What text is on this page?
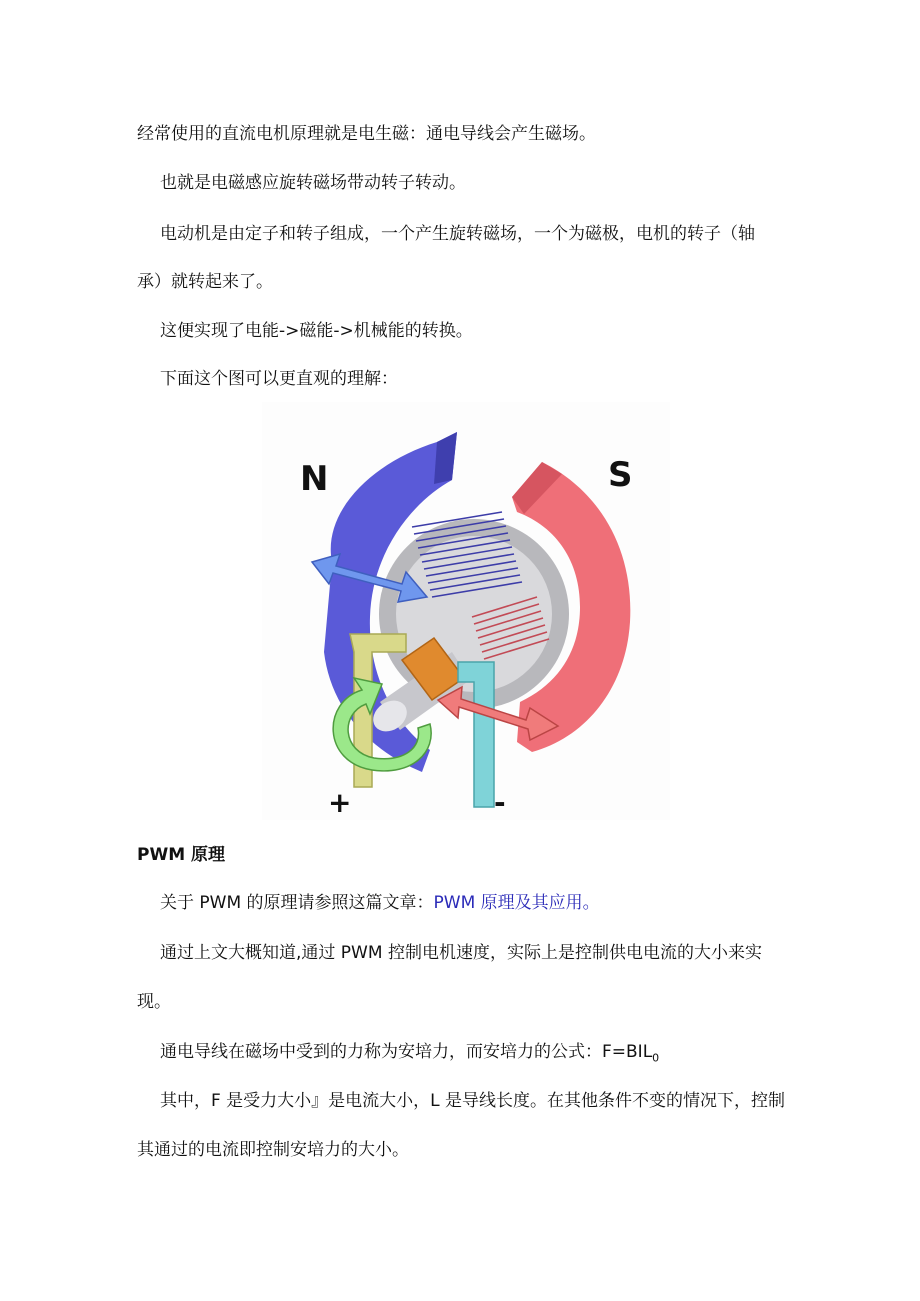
经常使用的直流电机原理就是电生磁：通电导线会产生磁场。

也就是电磁感应旋转磁场带动转子转动。

电动机是由定子和转子组成，一个产生旋转磁场，一个为磁极，电机的转子（轴

承）就转起来了。

这便实现了电能->磁能->机械能的转换。

下面这个图可以更直观的理解：

N	S
+	-

PWM 原理

关于 PWM 的原理请参照这篇文章：PWM 原理及其应用。

通过上文大概知道,通过 PWM 控制电机速度，实际上是控制供电电流的大小来实

现。

通电导线在磁场中受到的力称为安培力，而安培力的公式：$F=BIL_0$

其中，F 是受力大小』是电流大小，L 是导线长度。在其他条件不变的情况下，控制

其通过的电流即控制安培力的大小。
